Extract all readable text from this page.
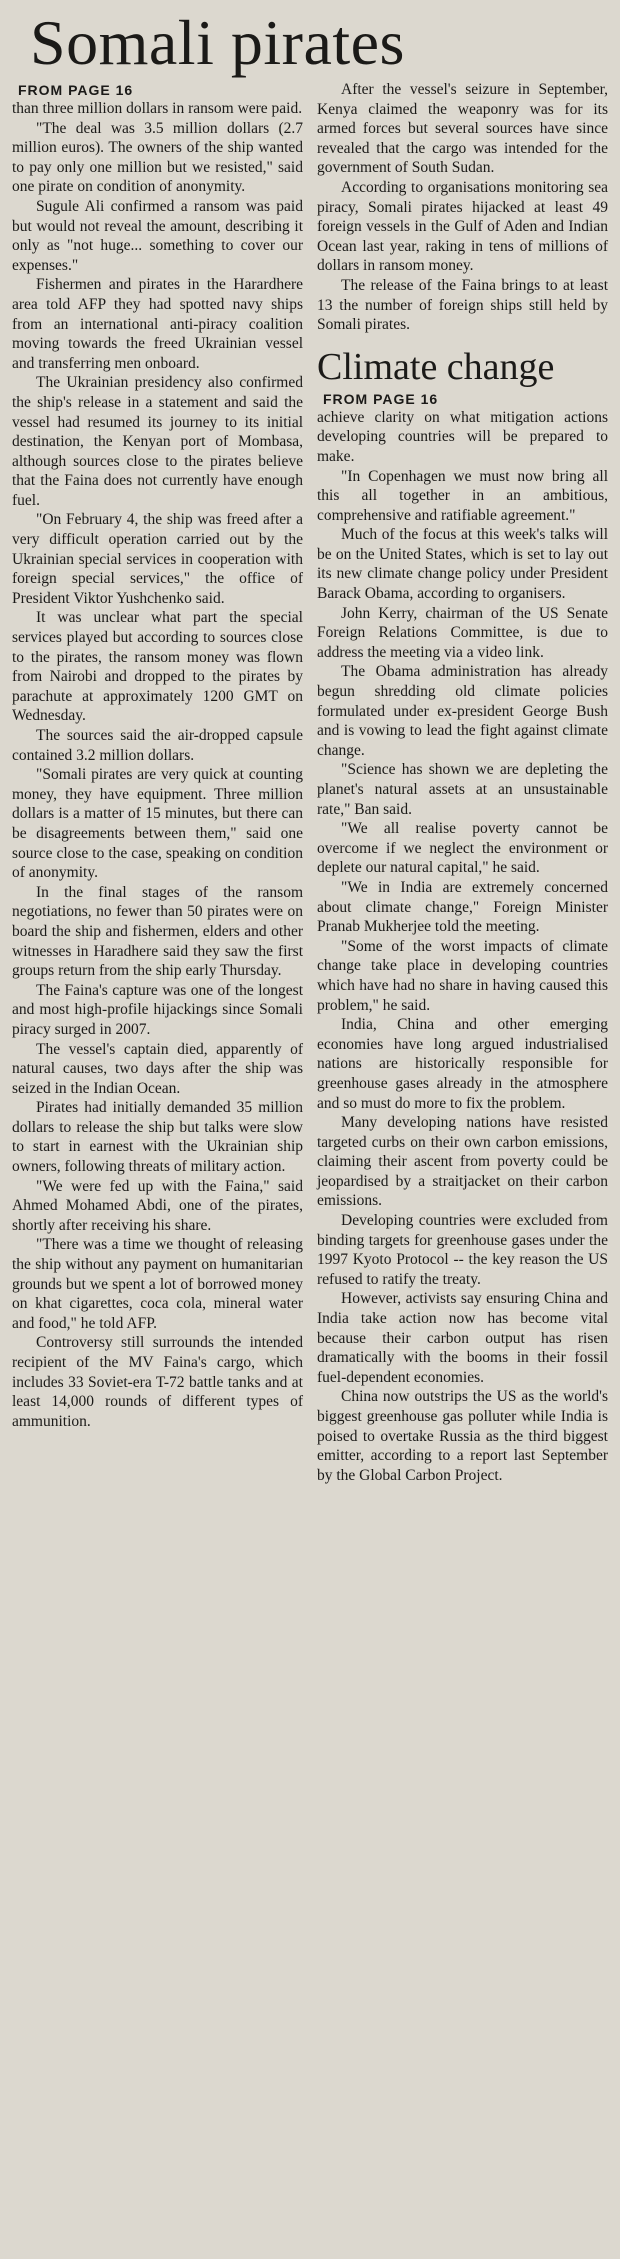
Somali pirates
FROM PAGE 16

than three million dollars in ransom were paid.

"The deal was 3.5 million dollars (2.7 million euros). The owners of the ship wanted to pay only one million but we resisted," said one pirate on condition of anonymity.

Sugule Ali confirmed a ransom was paid but would not reveal the amount, describing it only as "not huge... something to cover our expenses."

Fishermen and pirates in the Harardhere area told AFP they had spotted navy ships from an international anti-piracy coalition moving towards the freed Ukrainian vessel and transferring men onboard.

The Ukrainian presidency also confirmed the ship's release in a statement and said the vessel had resumed its journey to its initial destination, the Kenyan port of Mombasa, although sources close to the pirates believe that the Faina does not currently have enough fuel.

"On February 4, the ship was freed after a very difficult operation carried out by the Ukrainian special services in cooperation with foreign special services," the office of President Viktor Yushchenko said.

It was unclear what part the special services played but according to sources close to the pirates, the ransom money was flown from Nairobi and dropped to the pirates by parachute at approximately 1200 GMT on Wednesday.

The sources said the air-dropped capsule contained 3.2 million dollars.

"Somali pirates are very quick at counting money, they have equipment. Three million dollars is a matter of 15 minutes, but there can be disagreements between them," said one source close to the case, speaking on condition of anonymity.

In the final stages of the ransom negotiations, no fewer than 50 pirates were on board the ship and fishermen, elders and other witnesses in Haradhere said they saw the first groups return from the ship early Thursday.

The Faina's capture was one of the longest and most high-profile hijackings since Somali piracy surged in 2007.

The vessel's captain died, apparently of natural causes, two days after the ship was seized in the Indian Ocean.

Pirates had initially demanded 35 million dollars to release the ship but talks were slow to start in earnest with the Ukrainian ship owners, following threats of military action.

"We were fed up with the Faina," said Ahmed Mohamed Abdi, one of the pirates, shortly after receiving his share.

"There was a time we thought of releasing the ship without any payment on humanitarian grounds but we spent a lot of borrowed money on khat cigarettes, coca cola, mineral water and food," he told AFP.

Controversy still surrounds the intended recipient of the MV Faina's cargo, which includes 33 Soviet-era T-72 battle tanks and at least 14,000 rounds of different types of ammunition.

After the vessel's seizure in September, Kenya claimed the weaponry was for its armed forces but several sources have since revealed that the cargo was intended for the government of South Sudan.

According to organisations monitoring sea piracy, Somali pirates hijacked at least 49 foreign vessels in the Gulf of Aden and Indian Ocean last year, raking in tens of millions of dollars in ransom money.

The release of the Faina brings to at least 13 the number of foreign ships still held by Somali pirates.

Climate change
FROM PAGE 16

achieve clarity on what mitigation actions developing countries will be prepared to make.

"In Copenhagen we must now bring all this all together in an ambitious, comprehensive and ratifiable agreement."

Much of the focus at this week's talks will be on the United States, which is set to lay out its new climate change policy under President Barack Obama, according to organisers.

John Kerry, chairman of the US Senate Foreign Relations Committee, is due to address the meeting via a video link.

The Obama administration has already begun shredding old climate policies formulated under ex-president George Bush and is vowing to lead the fight against climate change.

"Science has shown we are depleting the planet's natural assets at an unsustainable rate," Ban said.

"We all realise poverty cannot be overcome if we neglect the environment or deplete our natural capital," he said.

"We in India are extremely concerned about climate change," Foreign Minister Pranab Mukherjee told the meeting.

"Some of the worst impacts of climate change take place in developing countries which have had no share in having caused this problem," he said.

India, China and other emerging economies have long argued industrialised nations are historically responsible for greenhouse gases already in the atmosphere and so must do more to fix the problem.

Many developing nations have resisted targeted curbs on their own carbon emissions, claiming their ascent from poverty could be jeopardised by a straitjacket on their carbon emissions.

Developing countries were excluded from binding targets for greenhouse gases under the 1997 Kyoto Protocol -- the key reason the US refused to ratify the treaty.

However, activists say ensuring China and India take action now has become vital because their carbon output has risen dramatically with the booms in their fossil fuel-dependent economies.

China now outstrips the US as the world's biggest greenhouse gas polluter while India is poised to overtake Russia as the third biggest emitter, according to a report last September by the Global Carbon Project.
